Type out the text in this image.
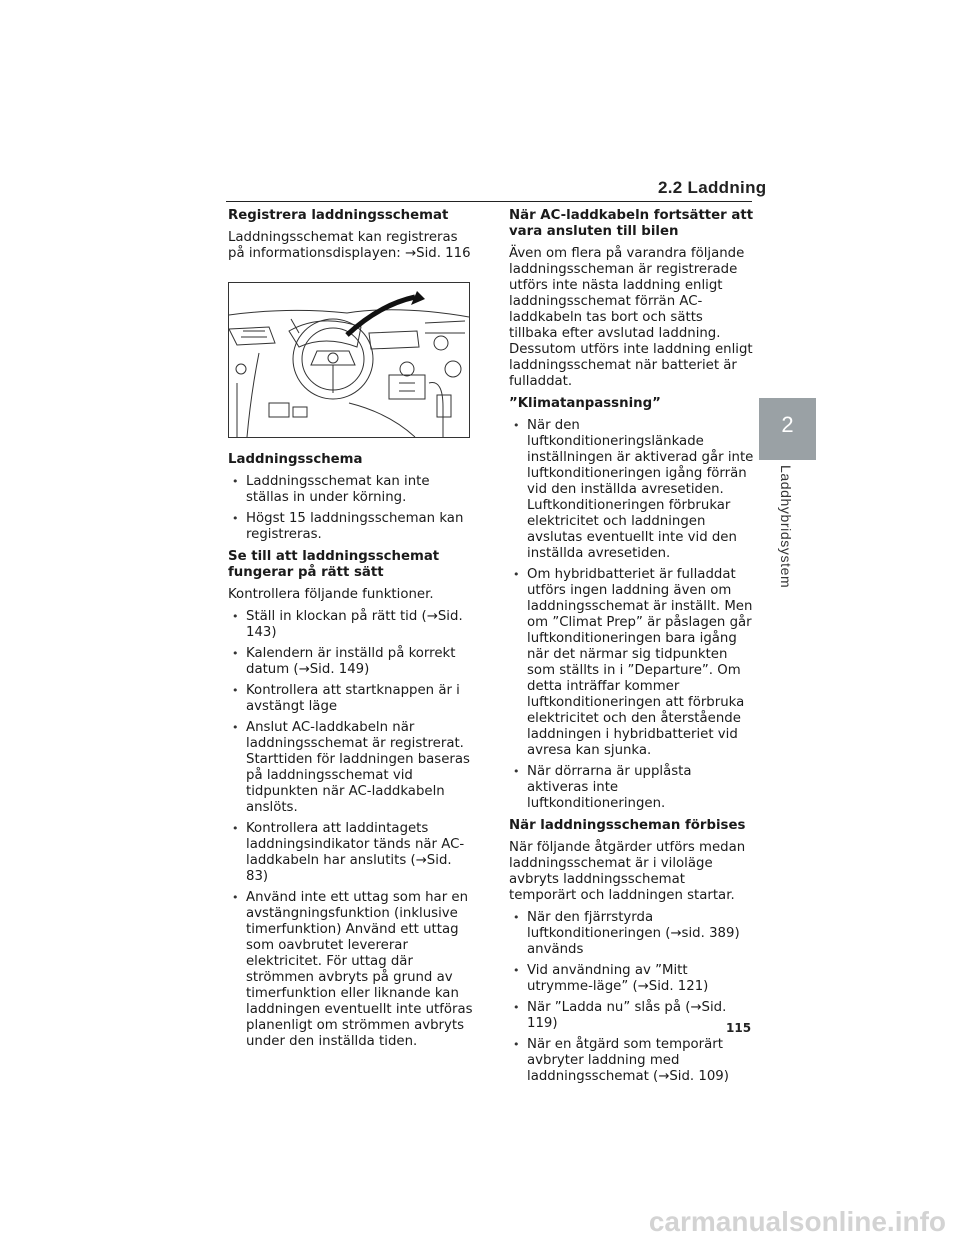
2.2 Laddning
Registrera laddningsschemat

Laddningsschemat kan registreras på informationsdisplayen: →Sid. 116

Laddningsschema
• Laddningsschemat kan inte ställas in under körning.
• Högst 15 laddningsscheman kan registreras.
Se till att laddningsschemat fungerar på rätt sätt

Kontrollera följande funktioner.

• Ställ in klockan på rätt tid (→Sid. 143)
• Kalendern är inställd på korrekt datum (→Sid. 149)
• Kontrollera att startknappen är i avstängt läge
• Anslut AC-laddkabeln när laddningsschemat är registrerat. Starttiden för laddningen baseras på laddningsschemat vid tidpunkten när AC-laddkabeln anslöts.
• Kontrollera att laddintagets laddningsindikator tänds när AC-laddkabeln har anslutits (→Sid. 83)
• Använd inte ett uttag som har en avstängningsfunktion (inklusive timerfunktion) Använd ett uttag som oavbrutet levererar elektricitet. För uttag där strömmen avbryts på grund av timerfunktion eller liknande kan laddningen eventuellt inte utföras planenligt om strömmen avbryts under den inställda tiden.
När AC-laddkabeln fortsätter att vara ansluten till bilen

Även om flera på varandra följande laddningsscheman är registrerade utförs inte nästa laddning enligt laddningsschemat förrän AC-laddkabeln tas bort och sätts tillbaka efter avslutad laddning. Dessutom utförs inte laddning enligt laddningsschemat när batteriet är fulladdat.

”Klimatanpassning”
• När den luftkonditioneringslänkade inställningen är aktiverad går inte luftkonditioneringen igång förrän vid den inställda avresetiden. Luftkonditioneringen förbrukar elektricitet och laddningen avslutas eventuellt inte vid den inställda avresetiden.
• Om hybridbatteriet är fulladdat utförs ingen laddning även om laddningsschemat är inställt. Men om ”Climat Prep” är påslagen går luftkonditioneringen bara igång när det närmar sig tidpunkten som ställts in i ”Departure”. Om detta inträffar kommer luftkonditioneringen att förbruka elektricitet och den återstående laddningen i hybridbatteriet vid avresa kan sjunka.
• När dörrarna är upplåsta aktiveras inte luftkonditioneringen.
När laddningsscheman förbises

När följande åtgärder utförs medan laddningsschemat är i viloläge avbryts laddningsschemat temporärt och laddningen startar.

• När den fjärrstyrda luftkonditioneringen (→sid. 389) används
• Vid användning av ”Mitt utrymme-läge” (→Sid. 121)
• När ”Ladda nu” slås på (→Sid. 119)
• När en åtgärd som temporärt avbryter laddning med laddningsschemat (→Sid. 109)
115
2
Laddhybridsystem
carmanualsonline.info
